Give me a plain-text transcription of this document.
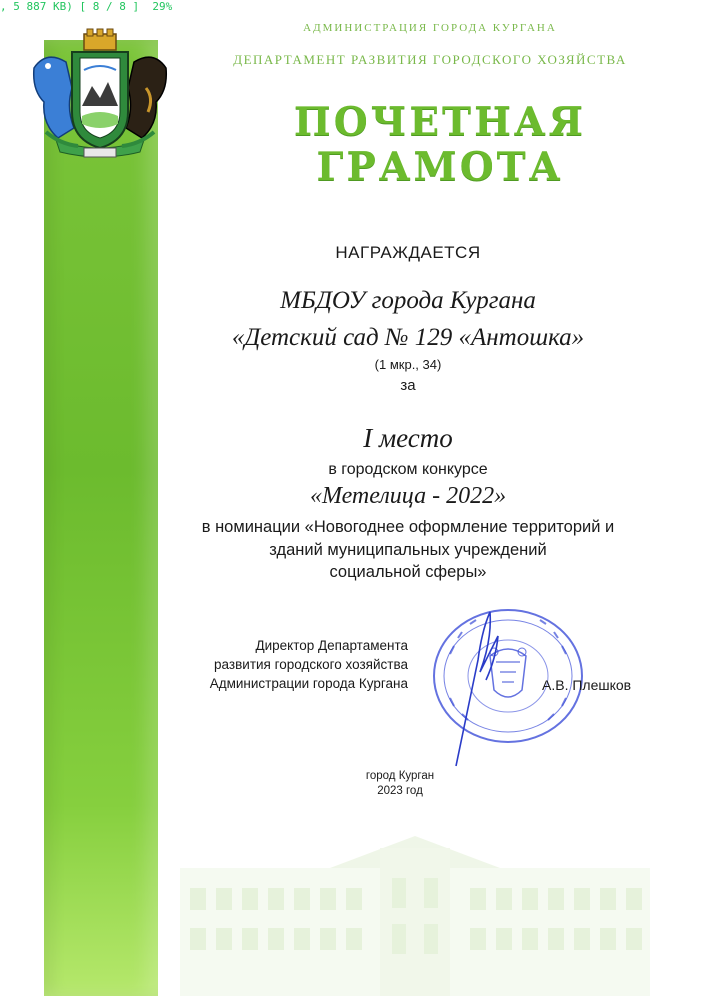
, 5 887 KB) [ 8 / 8 ]  29%
АДМИНИСТРАЦИЯ ГОРОДА КУРГАНА
ДЕПАРТАМЕНТ РАЗВИТИЯ ГОРОДСКОГО ХОЗЯЙСТВА
ПОЧЕТНАЯ
ГРАМОТА
НАГРАЖДАЕТСЯ
МБДОУ города Кургана
«Детский сад № 129 «Антошка»
(1 мкр., 34)
за
I место
в городском конкурсе
«Метелица - 2022»
в номинации «Новогоднее оформление территорий и
зданий муниципальных учреждений
социальной сферы»
Директор Департамента
развития городского хозяйства
Администрации города Кургана	А.В. Плешков
город Курган
2023 год
